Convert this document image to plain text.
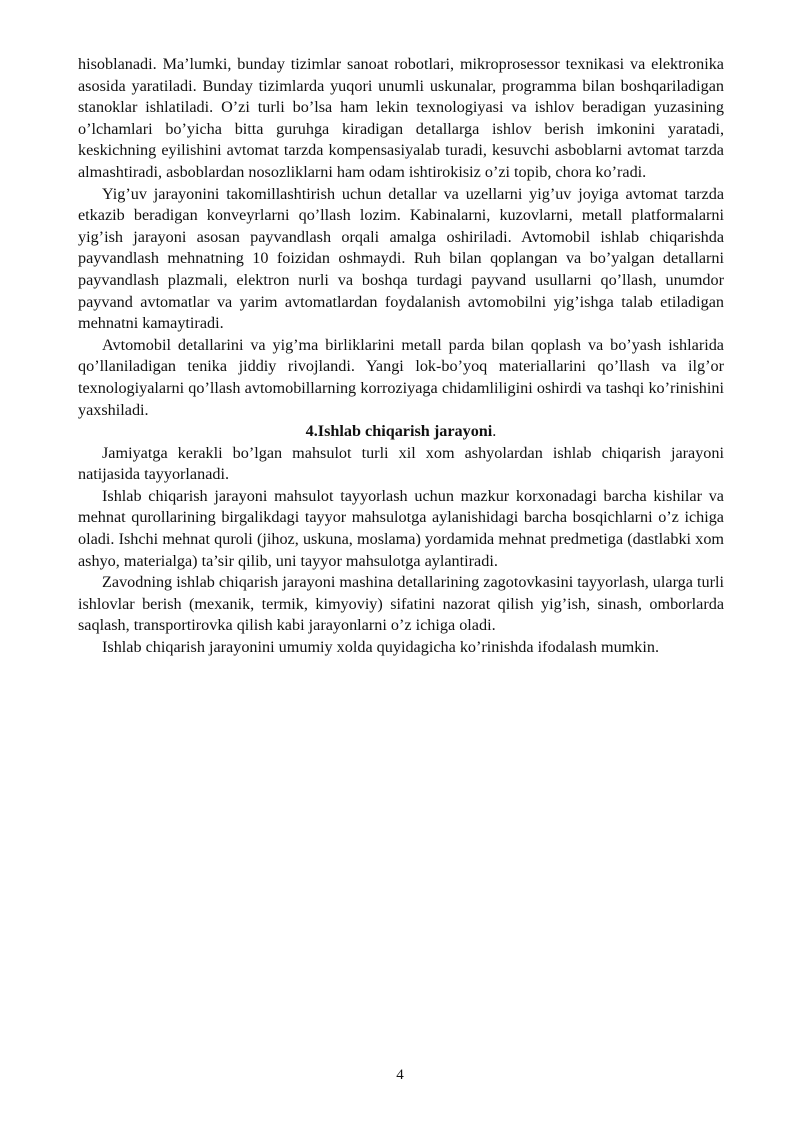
hisoblanadi. Ma’lumki, bunday tizimlar sanoat robotlari, mikroprosessor texnikasi va elektronika asosida yaratiladi. Bunday tizimlarda yuqori unumli uskunalar, programma bilan boshqariladigan stanoklar ishlatiladi. O’zi turli bo’lsa ham lekin texnologiyasi va ishlov beradigan yuzasining o’lchamlari bo’yicha bitta guruhga kiradigan detallarga ishlov berish imkonini yaratadi, keskichning eyilishini avtomat tarzda kompensasiyalab turadi, kesuvchi asboblarni avtomat tarzda almashtiradi, asboblardan nosozliklarni ham odam ishtirokisiz o’zi topib, chora ko’radi.

Yig’uv jarayonini takomillashtirish uchun detallar va uzellarni yig’uv joyiga avtomat tarzda etkazib beradigan konveyrlarni qo’llash lozim. Kabinalarni, kuzovlarni, metall platformalarni yig’ish jarayoni asosan payvandlash orqali amalga oshiriladi. Avtomobil ishlab chiqarishda payvandlash mehnatning 10 foizidan oshmaydi. Ruh bilan qoplangan va bo’yalgan detallarni payvandlash plazmali, elektron nurli va boshqa turdagi payvand usullarni qo’llash, unumdor payvand avtomatlar va yarim avtomatlardan foydalanish avtomobilni yig’ishga talab etiladigan mehnatni kamaytiradi.

Avtomobil detallarini va yig’ma birliklarini metall parda bilan qoplash va bo’yash ishlarida qo’llaniladigan tenika jiddiy rivojlandi. Yangi lok-bo’yoq materiallarini qo’llash va ilg’or texnologiyalarni qo’llash avtomobillarning korroziyaga chidamliligini oshirdi va tashqi ko’rinishini yaxshiladi.

4.Ishlab chiqarish jarayoni.

Jamiyatga kerakli bo’lgan mahsulot turli xil xom ashyolardan ishlab chiqarish jarayoni natijasida tayyorlanadi.

Ishlab chiqarish jarayoni mahsulot tayyorlash uchun mazkur korxonadagi barcha kishilar va mehnat qurollarining birgalikdagi tayyor mahsulotga aylanishidagi barcha bosqichlarni o’z ichiga oladi. Ishchi mehnat quroli (jihoz, uskuna, moslama) yordamida mehnat predmetiga (dastlabki xom ashyo, materialga) ta’sir qilib, uni tayyor mahsulotga aylantiradi.

Zavodning ishlab chiqarish jarayoni mashina detallarining zagotovkasini tayyorlash, ularga turli ishlovlar berish (mexanik, termik, kimyoviy) sifatini nazorat qilish yig’ish, sinash, omborlarda saqlash, transportirovka qilish kabi jarayonlarni o’z ichiga oladi.

Ishlab chiqarish jarayonini umumiy xolda quyidagicha ko’rinishda ifodalash mumkin.

4
